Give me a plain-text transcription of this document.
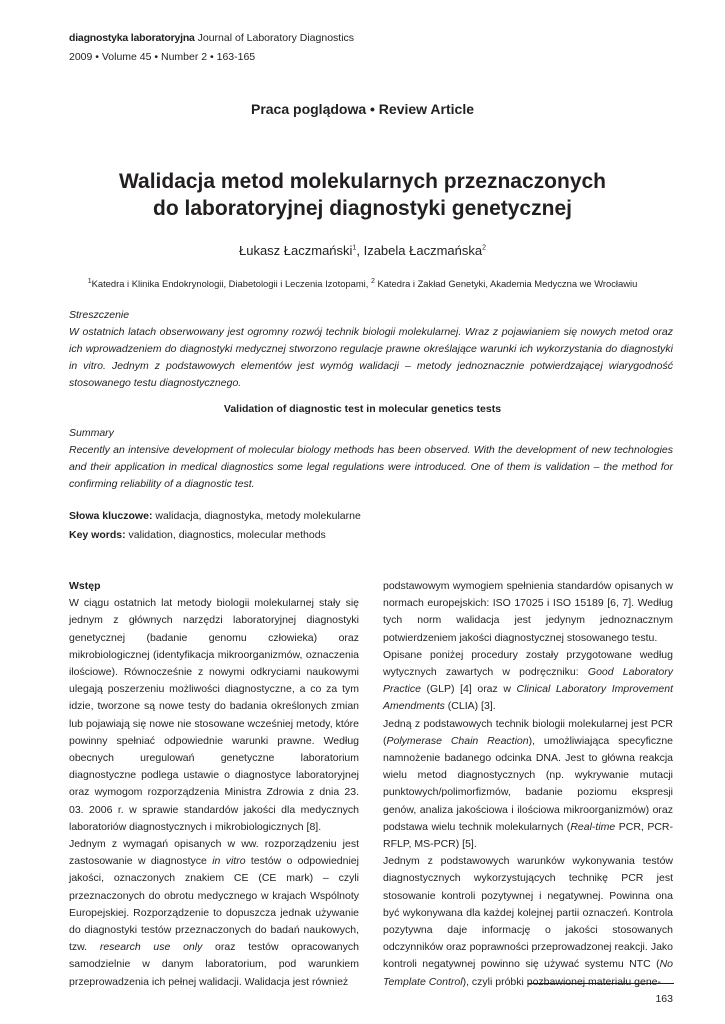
diagnostyka laboratoryjna Journal of Laboratory Diagnostics
2009 • Volume 45 • Number 2 • 163-165
Praca poglądowa • Review Article
Walidacja metod molekularnych przeznaczonych
do laboratoryjnej diagnostyki genetycznej
Łukasz Łaczmański$^1$, Izabela Łaczmańska$^2$
$^1$Katedra i Klinika Endokrynologii, Diabetologii i Leczenia Izotopami, $^2$ Katedra i Zakład Genetyki, Akademia Medyczna we Wrocławiu
Streszczenie
W ostatnich latach obserwowany jest ogromny rozwój technik biologii molekularnej. Wraz z pojawianiem się nowych metod oraz ich wprowadzeniem do diagnostyki medycznej stworzono regulacje prawne określające warunki ich wykorzystania do diagnostyki in vitro. Jednym z podstawowych elementów jest wymóg walidacji – metody jednoznacznie potwierdzającej wiarygodność stosowanego testu diagnostycznego.
Validation of diagnostic test in molecular genetics tests
Summary
Recently an intensive development of molecular biology methods has been observed. With the development of new technologies and their application in medical diagnostics some legal regulations were introduced. One of them is validation – the method for confirming reliability of a diagnostic test.
Słowa kluczowe: walidacja, diagnostyka, metody molekularne
Key words: validation, diagnostics, molecular methods

Wstęp

W ciągu ostatnich lat metody biologii molekularnej stały się jednym z głównych narzędzi laboratoryjnej diagnostyki genetycznej (badanie genomu człowieka) oraz mikrobiologicznej (identyfikacja mikroorganizmów, oznaczenia ilościowe). Równocześnie z nowymi odkryciami naukowymi ulegają poszerzeniu możliwości diagnostyczne, a co za tym idzie, tworzone są nowe testy do badania określonych zmian lub pojawiają się nowe nie stosowane wcześniej metody, które powinny spełniać odpowiednie warunki prawne. Według obecnych uregulowań genetyczne laboratorium diagnostyczne podlega ustawie o diagnostyce laboratoryjnej oraz wymogom rozporządzenia Ministra Zdrowia z dnia 23. 03. 2006 r. w sprawie standardów jakości dla medycznych laboratoriów diagnostycznych i mikrobiologicznych [8].

Jednym z wymagań opisanych w ww. rozporządzeniu jest zastosowanie w diagnostyce in vitro testów o odpowiedniej jakości, oznaczonych znakiem CE (CE mark) – czyli przeznaczonych do obrotu medycznego w krajach Wspólnoty Europejskiej. Rozporządzenie to dopuszcza jednak używanie do diagnostyki testów przeznaczonych do badań naukowych, tzw. research use only oraz testów opracowanych samodzielnie w danym laboratorium, pod warunkiem przeprowadzenia ich pełnej walidacji. Walidacja jest również

podstawowym wymogiem spełnienia standardów opisanych w normach europejskich: ISO 17025 i ISO 15189 [6, 7]. Według tych norm walidacja jest jedynym jednoznacznym potwierdzeniem jakości diagnostycznej stosowanego testu.

Opisane poniżej procedury zostały przygotowane według wytycznych zawartych w podręczniku: Good Laboratory Practice (GLP) [4] oraz w Clinical Laboratory Improvement Amendments (CLIA) [3].

Jedną z podstawowych technik biologii molekularnej jest PCR (Polymerase Chain Reaction), umożliwiająca specyficzne namnożenie badanego odcinka DNA. Jest to główna reakcja wielu metod diagnostycznych (np. wykrywanie mutacji punktowych/polimorfizmów, badanie poziomu ekspresji genów, analiza jakościowa i ilościowa mikroorganizmów) oraz podstawa wielu technik molekularnych (Real-time PCR, PCR-RFLP, MS-PCR) [5].

Jednym z podstawowych warunków wykonywania testów diagnostycznych wykorzystujących technikę PCR jest stosowanie kontroli pozytywnej i negatywnej. Powinna ona być wykonywana dla każdej kolejnej partii oznaczeń. Kontrola pozytywna daje informację o jakości stosowanych odczynników oraz poprawności przeprowadzonej reakcji. Jako kontroli negatywnej powinno się używać systemu NTC (No Template Control), czyli próbki pozbawionej materiału gene-

163
